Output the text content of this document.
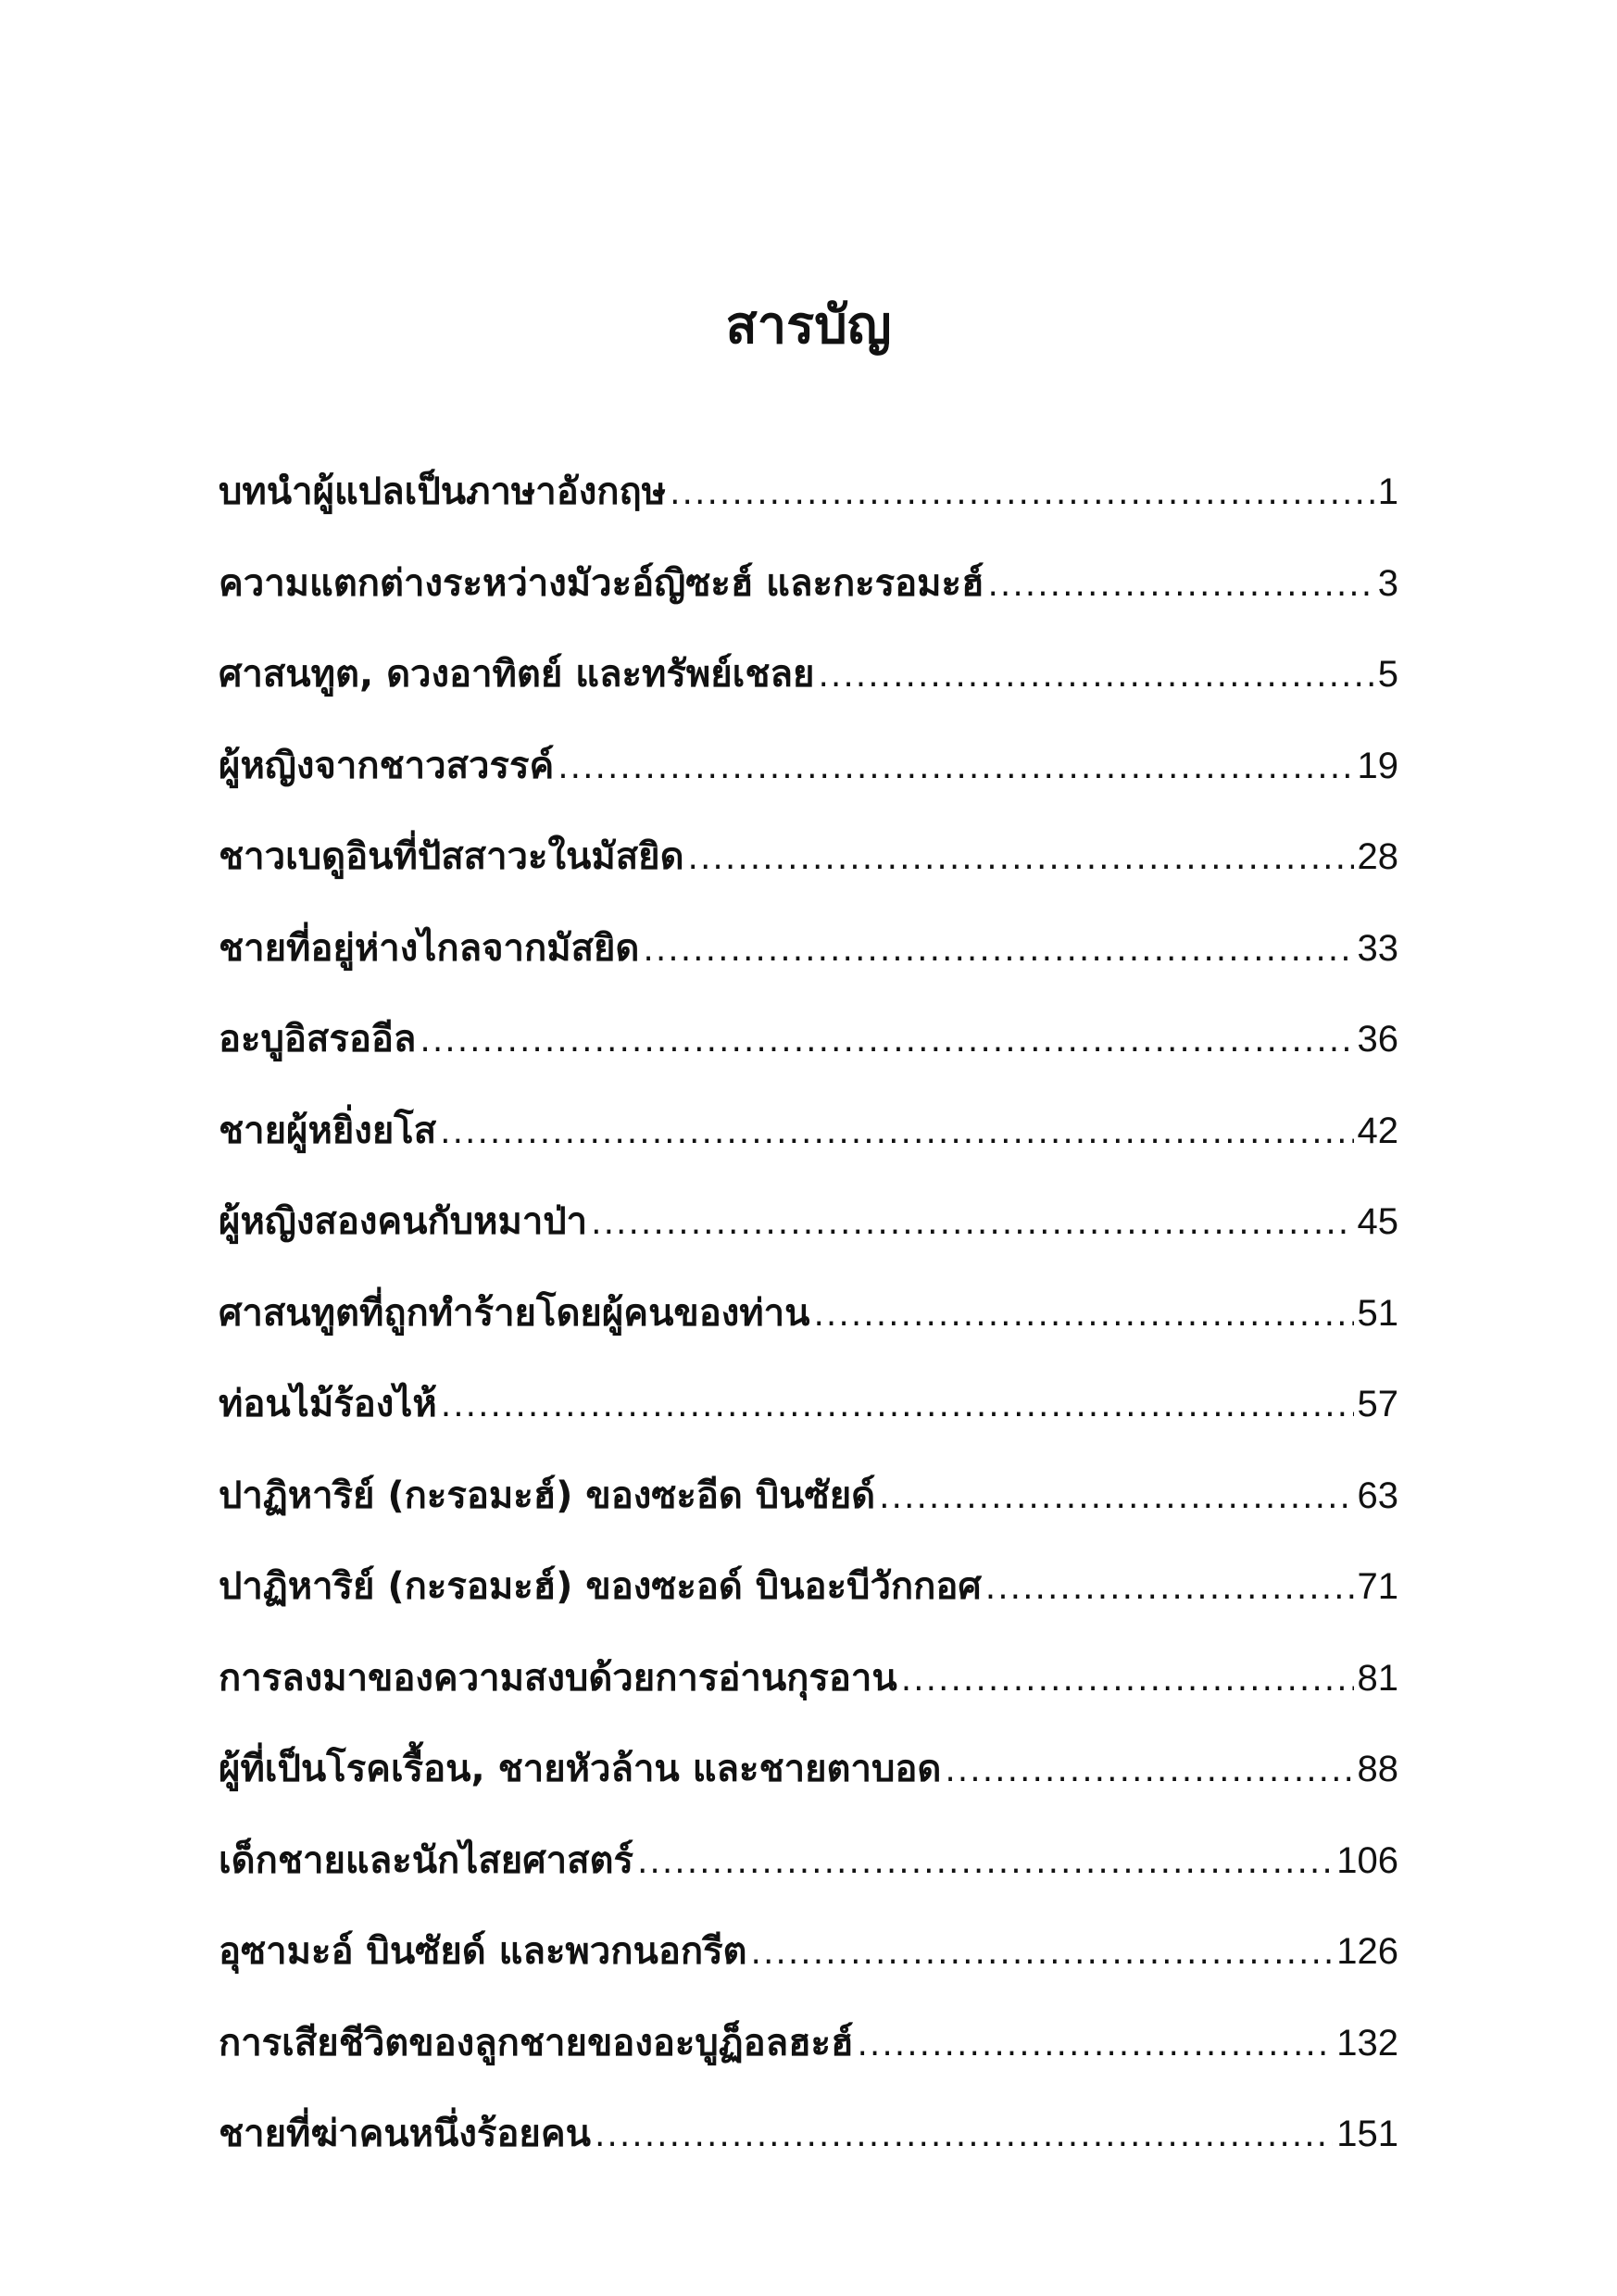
สารบัญ
บทนำผู้แปลเป็นภาษาอังกฤษ .....	1
ความแตกต่างระหว่างมัวะอ์ญิซะฮ์ และกะรอมะฮ์ .....	3
ศาสนทูต, ดวงอาทิตย์ และทรัพย์เชลย .....	5
ผู้หญิงจากชาวสวรรค์ .....	19
ชาวเบดูอินที่ปัสสาวะในมัสยิด .....	28
ชายที่อยู่ห่างไกลจากมัสยิด .....	33
อะบูอิสรออีล .....	36
ชายผู้หยิ่งยโส .....	42
ผู้หญิงสองคนกับหมาป่า .....	45
ศาสนทูตที่ถูกทำร้ายโดยผู้คนของท่าน .....	51
ท่อนไม้ร้องไห้ .....	57
ปาฏิหาริย์ (กะรอมะฮ์) ของซะอีด บินซัยด์ .....	63
ปาฏิหาริย์ (กะรอมะฮ์) ของซะอด์ บินอะบีวักกอศ .....	71
การลงมาของความสงบด้วยการอ่านกุรอาน .....	81
ผู้ที่เป็นโรคเรื้อน, ชายหัวล้าน และชายตาบอด .....	88
เด็กชายและนักไสยศาสตร์ .....	106
อุซามะอ์ บินซัยด์ และพวกนอกรีต .....	126
การเสียชีวิตของลูกชายของอะบูฏ็อลฮะฮ์ .....	132
ชายที่ฆ่าคนหนึ่งร้อยคน .....	151
